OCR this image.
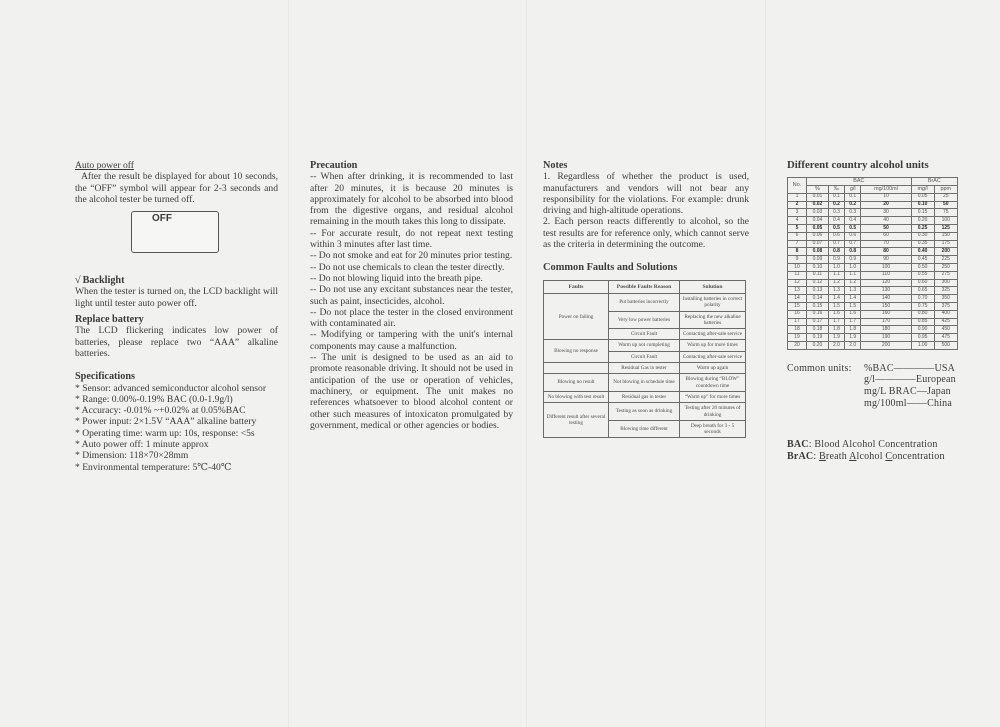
Auto power off

After the result be displayed for about 10 seconds, the “OFF” symbol will appear for 2-3 seconds and the alcohol tester be turned off.

OFF

√ Backlight

When the tester is turned on, the LCD backlight will light until tester auto power off.

Replace battery

The LCD flickering indicates low power of batteries, please replace two “AAA” alkaline batteries.

Specifications

* Sensor: advanced semiconductor alcohol sensor

* Range: 0.00%-0.19% BAC (0.0-1.9g/l)

* Accuracy: -0.01% ~+0.02% at 0.05%BAC

* Power input: 2×1.5V “AAA” alkaline battery

* Operating time: warm up: 10s, response: <5s

* Auto power off: 1 minute approx

* Dimension: 118×70×28mm

* Environmental temperature: 5℃-40℃

Precaution

-- When after drinking, it is recommended to last after 20 minutes, it is because 20 minutes is approximately for alcohol to be absorbed into blood from the digestive organs, and residual alcohol remaining in the mouth takes this long to dissipate.

-- For accurate result, do not repeat next testing within 3 minutes after last time.

-- Do not smoke and eat for 20 minutes prior testing.

-- Do not use chemicals to clean the tester directly.

-- Do not blowing liquid into the breath pipe.

-- Do not use any excitant substances near the tester, such as paint, insecticides, alcohol.

-- Do not place the tester in the closed environment with contaminated air.

-- Modifying or tampering with the unit's internal components may cause a malfunction.

-- The unit is designed to be used as an aid to promote reasonable driving. It should not be used in anticipation of the use or operation of vehicles, machinery, or equipment. The unit makes no references whatsoever to blood alcohol content or other such measures of intoxicaton promulgated by government, medical or other agencies or bodies.

Notes

1. Regardless of whether the product is used, manufacturers and vendors will not bear any responsibility for the violations. For example: drunk driving and high-altitude operations.

2. Each person reacts differently to alcohol, so the test results are for reference only, which cannot serve as the criteria in determining the outcome.

Common Faults and Solutions

Faults	Possible Faults Reason	Solution
Power on failing	Put batteries incorrectly	Installing batteries in correct polarity
	Very low power batteries	Replacing the new alkaline batteries
	Circuit Fault	Contacting after-sale service
Blowing no response	Warm up not completing	Warm up for more times
	Circuit Fault	Contacting after-sale service
	Residual Gas in tester	Warm up again
Blowing no result	Not blowing in schedule time	Blowing during “BLOW” countdown time
No blowing with test result	Residual gas in tester	“Warm up” for more times
Different result after several testing	Testing as soon as drinking	Testing after 20 minutes of drinking
	Blowing time different	Deep breath for 3 - 5 seconds

Different country alcohol units

No.	BAC				BrAC	
	%	‰	g/l	mg/100ml	mg/l	ppm
1	0.01	0.1	0.1	10	0.05	25
2	0.02	0.2	0.2	20	0.10	50
3	0.03	0.3	0.3	30	0.15	75
4	0.04	0.4	0.4	40	0.20	100
5	0.05	0.5	0.5	50	0.25	125
6	0.06	0.6	0.6	60	0.30	150
7	0.07	0.7	0.7	70	0.35	175
8	0.08	0.8	0.8	80	0.40	200
9	0.09	0.9	0.9	90	0.45	225
10	0.10	1.0	1.0	100	0.50	250
11	0.11	1.1	1.1	110	0.55	275
12	0.12	1.2	1.2	120	0.60	300
13	0.13	1.3	1.3	130	0.65	325
14	0.14	1.4	1.4	140	0.70	350
15	0.15	1.5	1.5	150	0.75	375
16	0.16	1.6	1.6	160	0.80	400
17	0.17	1.7	1.7	170	0.85	425
18	0.18	1.8	1.8	180	0.90	450
19	0.19	1.9	1.9	190	0.95	475
20	0.20	2.0	2.0	200	1.00	500
Common units:	%BAC ————USA
g/l ————European
mg/L BRAC —Japan
mg/100ml ——China
BAC: Blood Alcohol Concentration
BrAC: Breath Alcohol Concentration
